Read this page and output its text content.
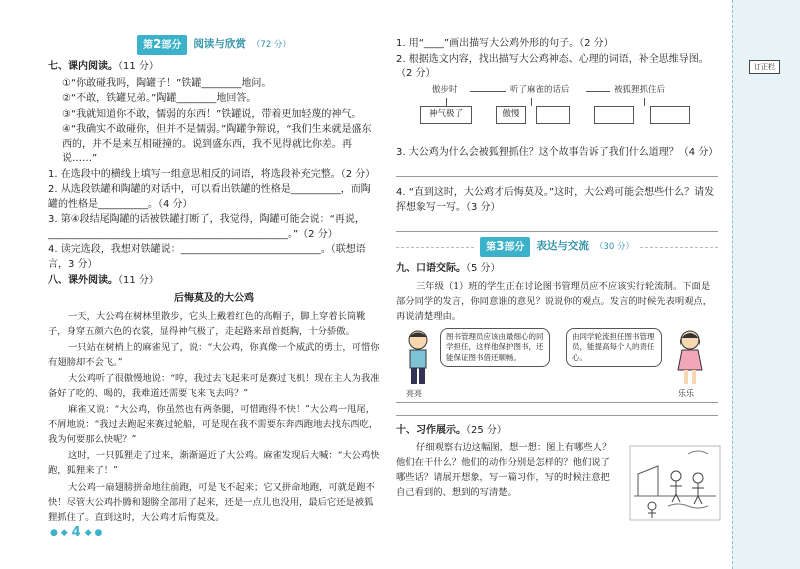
第2部分	阅读与欣赏 （72 分）
七、课内阅读。（11 分）
①“你敢碰我吗，陶罐子！”铁罐________地问。
②“不敢，铁罐兄弟。”陶罐________地回答。
③“我就知道你不敢，懦弱的东西！”铁罐说，带着更加轻蔑的神气。
④“我确实不敢碰你，但并不是懦弱。”陶罐争辩说，“我们生来就是盛东西的，并不是来互相碰撞的。说到盛东西，我不见得就比你差。再说……”
1. 在选段中的横线上填写一组意思相反的词语，将选段补充完整。（2 分）
2. 从选段铁罐和陶罐的对话中，可以看出铁罐的性格是__________，而陶罐的性格是__________。（4 分）
3. 第④段结尾陶罐的话被铁罐打断了，我觉得，陶罐可能会说：“再说，________________________________________________。”（2 分）
4. 读完选段，我想对铁罐说：____________________________。（联想语言，3 分）
八、课外阅读。（11 分）
后悔莫及的大公鸡
一天，大公鸡在树林里散步，它头上戴着红色的高帽子，脚上穿着长筒靴子，身穿五颜六色的衣裳，显得神气极了，走起路来昂首挺胸，十分骄傲。
一只站在树梢上的麻雀见了，说：“大公鸡，你真像一个威武的勇士，可惜你有翅膀却不会飞。”
大公鸡听了很傲慢地说：“哼，我过去飞起来可是赛过飞机！现在主人为我准备好了吃的、喝的，我难道还需要飞来飞去吗？”
麻雀又说：“大公鸡，你虽然也有两条腿，可惜跑得不快！”大公鸡一甩尾，不屑地说：“我过去跑起来赛过轮船，可是现在我不需要东奔西跑地去找东西吃，我为何要那么快呢？”
这时，一只狐狸走了过来，渐渐逼近了大公鸡。麻雀发现后大喊：“大公鸡快跑，狐狸来了！”
大公鸡一扇翅膀拼命地往前跑，可是飞不起来；它又拼命地跑，可就是跑不快！尽管大公鸡扑腾和翅膀全部用了起来，还是一点儿也没用，最后它还是被狐狸抓住了。直到这时，大公鸡才后悔莫及。
● ◆ 4 ◆ ●
1. 用“____”画出描写大公鸡外形的句子。（2 分）
2. 根据选文内容，找出描写大公鸡神态、心理的词语，补全思维导图。（2 分）
傲步时	听了麻雀的话后	被狐狸抓住后
神气极了	傲慢
3. 大公鸡为什么会被狐狸抓住？这个故事告诉了我们什么道理？（4 分）
4. “直到这时，大公鸡才后悔莫及。”这时，大公鸡可能会想些什么？请发挥想象写一写。（3 分）
第3部分	表达与交流 （30 分）
九、口语交际。（5 分）
三年级（1）班的学生正在讨论图书管理员应不应该实行轮流制。下面是部分同学的发言，你同意谁的意见？说说你的观点。发言的时候先表明观点，再说清楚理由。
图书管理员应该由最细心的同学担任，这样他保护图书，还能保证图书借还顺畅。
由同学轮流担任图书管理员，能提高每个人的责任心。
亮亮	乐乐
十、习作展示。（25 分）
仔细观察右边这幅图，想一想：图上有哪些人？他们在干什么？他们的动作分别是怎样的？他们说了哪些话？请展开想象，写一篇习作，写的时候注意把自己看到的、想到的写清楚。
订正栏
